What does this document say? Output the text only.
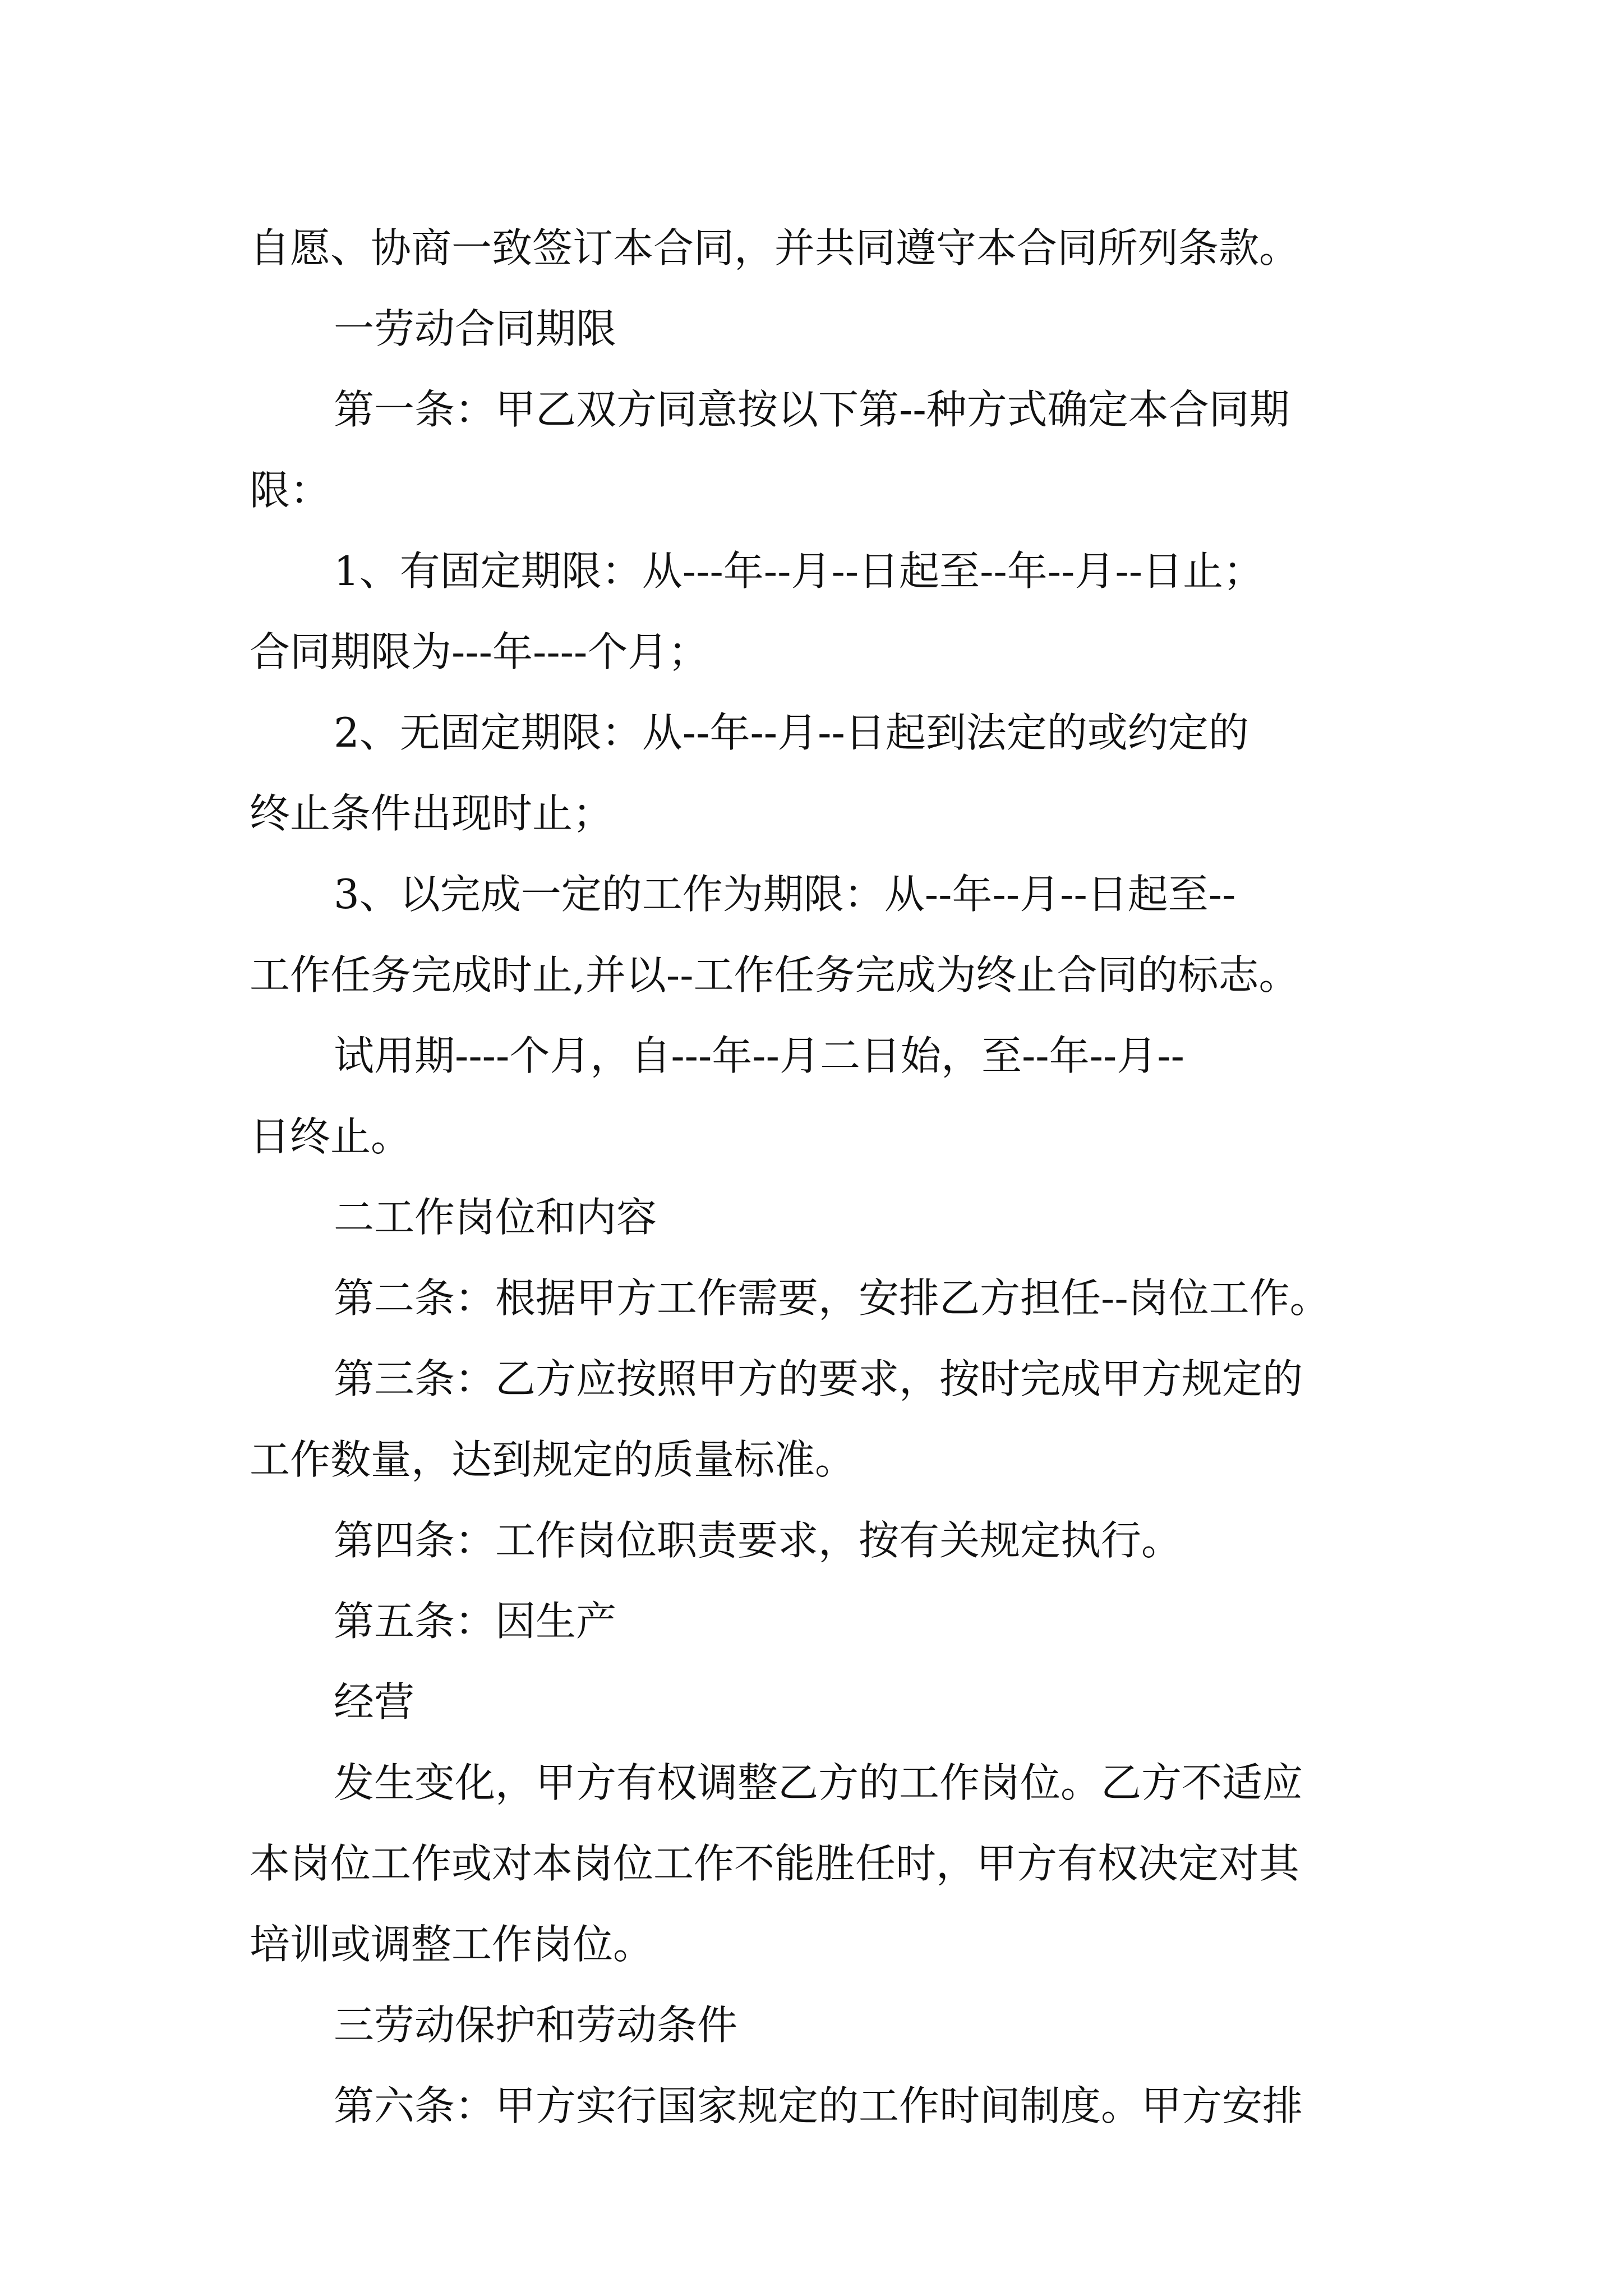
自愿、协商一致签订本合同，并共同遵守本合同所列条款。
一劳动合同期限
第一条：甲乙双方同意按以下第--种方式确定本合同期
限：
1、有固定期限：从---年--月--日起至--年--月--日止；
合同期限为---年----个月；
2、无固定期限：从--年--月--日起到法定的或约定的
终止条件出现时止；
3、以完成一定的工作为期限：从--年--月--日起至--
工作任务完成时止,并以--工作任务完成为终止合同的标志。
试用期----个月，自---年--月二日始，至--年--月--
日终止。
二工作岗位和内容
第二条：根据甲方工作需要，安排乙方担任--岗位工作。
第三条：乙方应按照甲方的要求，按时完成甲方规定的
工作数量，达到规定的质量标准。
第四条：工作岗位职责要求，按有关规定执行。
第五条：因生产
经营
发生变化，甲方有权调整乙方的工作岗位。乙方不适应
本岗位工作或对本岗位工作不能胜任时，甲方有权决定对其
培训或调整工作岗位。
三劳动保护和劳动条件
第六条：甲方实行国家规定的工作时间制度。甲方安排
